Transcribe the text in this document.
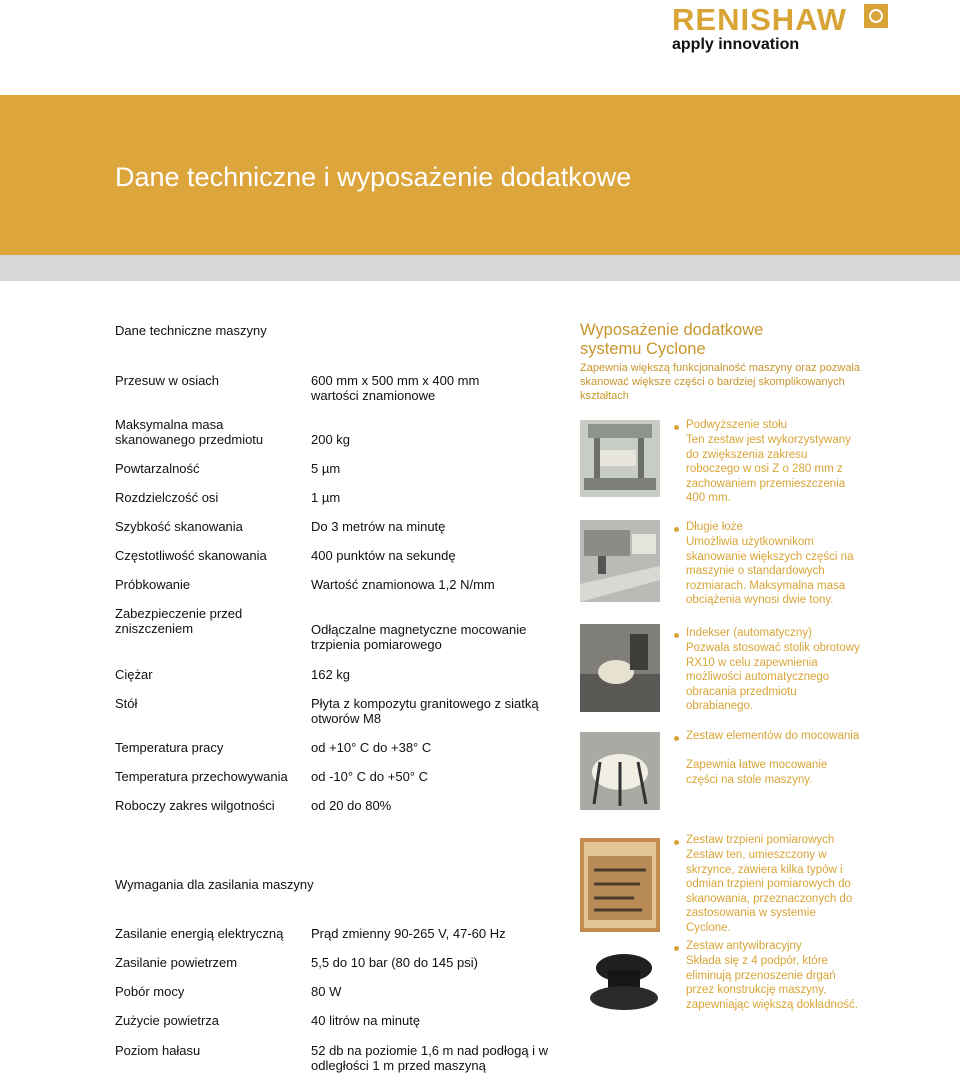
RENISHAW
apply innovation
Dane techniczne i wyposażenie dodatkowe
Dane techniczne maszyny
Przesuw w osiach	600 mm x 500 mm x 400 mm wartości znamionowe
Maksymalna masa skanowanego przedmiotu	200 kg
Powtarzalność	5 µm
Rozdzielczość osi	1 µm
Szybkość skanowania	Do 3 metrów na minutę
Częstotliwość skanowania	400 punktów na sekundę
Próbkowanie	Wartość znamionowa 1,2 N/mm
Zabezpieczenie przed zniszczeniem	Odłączalne magnetyczne mocowanie trzpienia pomiarowego
Ciężar	162 kg
Stół	Płyta z kompozytu granitowego z siatką otworów M8
Temperatura pracy	od +10° C do +38° C
Temperatura przechowywania	od -10° C do +50° C
Roboczy zakres wilgotności	od 20 do 80%
Wymagania dla zasilania maszyny
Zasilanie energią elektryczną	Prąd zmienny 90-265 V, 47-60 Hz
Zasilanie powietrzem	5,5 do 10 bar (80 do 145 psi)
Pobór mocy	80 W
Zużycie powietrza	40 litrów na minutę
Poziom hałasu	52 db na poziomie 1,6 m nad podłogą i w odległości 1 m przed maszyną
Wyposażenie dodatkowe systemu Cyclone
Zapewnia większą funkcjonalność maszyny oraz pozwala skanować większe części o bardziej skomplikowanych kształtach
Podwyższenie stołu
Ten zestaw jest wykorzystywany do zwiększenia zakresu roboczego w osi Z o 280 mm z zachowaniem przemieszczenia 400 mm.
Długie łoże
Umożliwia użytkownikom skanowanie większych części na maszynie o standardowych rozmiarach. Maksymalna masa obciążenia wynosi dwie tony.
Indekser (automatyczny)
Pozwala stosować stolik obrotowy RX10 w celu zapewnienia możliwości automatycznego obracania przedmiotu obrabianego.
Zestaw elementów do mocowania
Zapewnia łatwe mocowanie części na stole maszyny.
Zestaw trzpieni pomiarowych
Zestaw ten, umieszczony w skrzynce, zawiera kilka typów i odmian trzpieni pomiarowych do skanowania, przeznaczonych do zastosowania w systemie Cyclone.
Zestaw antywibracyjny
Składa się z 4 podpór, które eliminują przenoszenie drgań przez konstrukcję maszyny, zapewniając większą dokładność.
